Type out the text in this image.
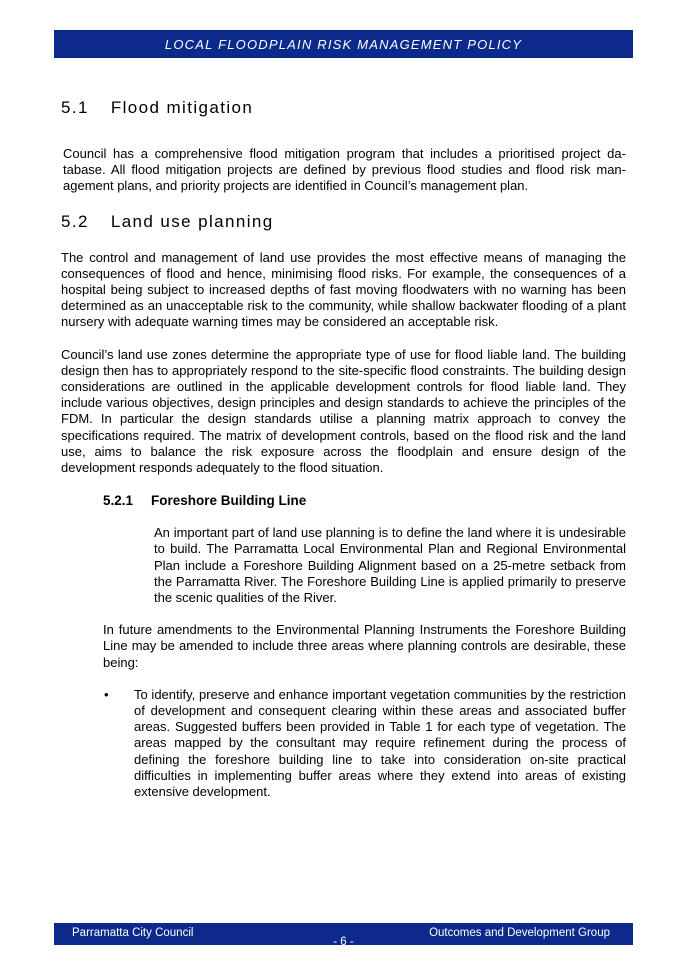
LOCAL FLOODPLAIN RISK MANAGEMENT POLICY
5.1 Flood mitigation

Council has a comprehensive flood mitigation program that includes a prioritised project database. All flood mitigation projects are defined by previous flood studies and flood risk management plans, and priority projects are identified in Council’s management plan.

5.2 Land use planning

The control and management of land use provides the most effective means of managing the consequences of flood and hence, minimising flood risks. For example, the consequences of a hospital being subject to increased depths of fast moving floodwaters with no warning has been determined as an unacceptable risk to the community, while shallow backwater flooding of a plant nursery with adequate warning times may be considered an acceptable risk.

Council’s land use zones determine the appropriate type of use for flood liable land. The building design then has to appropriately respond to the site-specific flood constraints. The building design considerations are outlined in the applicable development controls for flood liable land. They include various objectives, design principles and design standards to achieve the principles of the FDM. In particular the design standards utilise a planning matrix approach to convey the specifications required. The matrix of development controls, based on the flood risk and the land use, aims to balance the risk exposure across the floodplain and ensure design of the development responds adequately to the flood situation.

5.2.1 Foreshore Building Line

An important part of land use planning is to define the land where it is undesirable to build. The Parramatta Local Environmental Plan and Regional Environmental Plan include a Foreshore Building Alignment based on a 25-metre setback from the Parramatta River. The Foreshore Building Line is applied primarily to preserve the scenic qualities of the River.

In future amendments to the Environmental Planning Instruments the Foreshore Building Line may be amended to include three areas where planning controls are desirable, these being:

•	To identify, preserve and enhance important vegetation communities by the restriction of development and consequent clearing within these areas and associated buffer areas. Suggested buffers been provided in Table 1 for each type of vegetation. The areas mapped by the consultant may require refinement during the process of defining the foreshore building line to take into consideration on-site practical difficulties in implementing buffer areas where they extend into areas of existing extensive development.
Parramatta City Council	Outcomes and Development Group
- 6 -
